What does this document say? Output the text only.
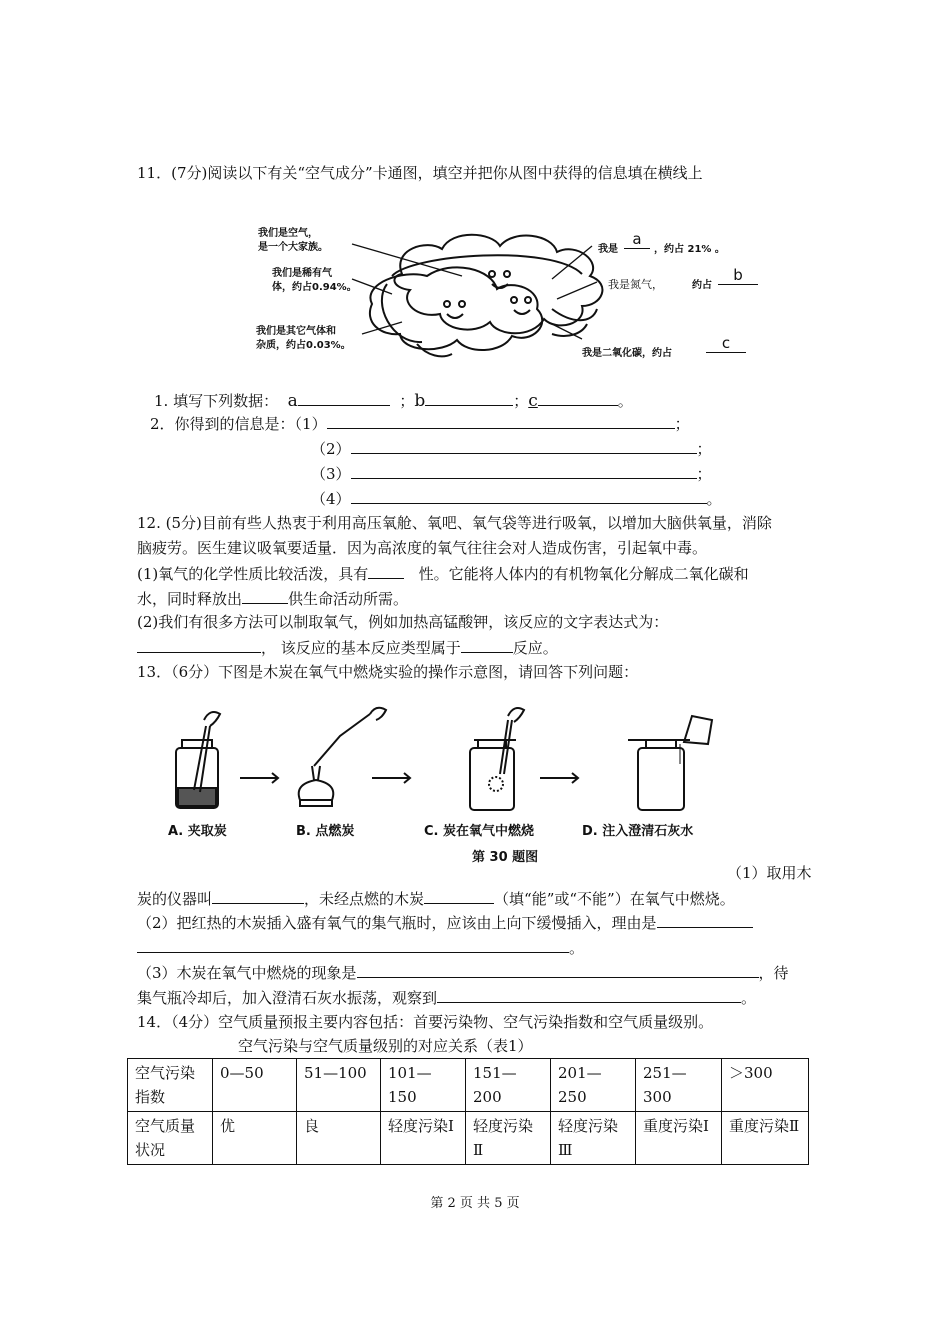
11．(7分)阅读以下有关“空气成分”卡通图，填空并把你从图中获得的信息填在横线上
我们是空气，
是一个大家族。
我们是稀有气
体，约占0.94%。
我们是其它气体和
杂质，约占0.03%。
我是
a
，约占 21% 。
我是氮气，	约占
b
我是二氧化碳，约占
c
1. 填写下列数据： a	；b	；c	。
2．你得到的信息是：（1）	；
（2）	；
（3）	；
（4）	。
12. (5分)目前有些人热衷于利用高压氧舱、氧吧、氧气袋等进行吸氧，以增加大脑供氧量，消除
脑疲劳。医生建议吸氧要适量．因为高浓度的氧气往往会对人造成伤害，引起氧中毒。
(1)氧气的化学性质比较活泼，具有	性。它能将人体内的有机物氧化分解成二氧化碳和
水，同时释放出	供生命活动所需。
(2)我们有很多方法可以制取氧气，例如加热高锰酸钾，该反应的文字表达式为：
， 该反应的基本反应类型属于	反应。
13．（6分）下图是木炭在氧气中燃烧实验的操作示意图，请回答下列问题：
A. 夹取炭	B. 点燃炭	C. 炭在氧气中燃烧	D. 注入澄清石灰水
第 30 题图
（1）取用木
炭的仪器叫	，未经点燃的木炭	（填“能”或“不能”）在氧气中燃烧。
（2）把红热的木炭插入盛有氧气的集气瓶时，应该由上向下缓慢插入，理由是
。
（3）木炭在氧气中燃烧的现象是	，待
集气瓶冷却后，加入澄清石灰水振荡，观察到	。
14．（4分）空气质量预报主要内容包括：首要污染物、空气污染指数和空气质量级别。
空气污染与空气质量级别的对应关系（表1）
空气污染指数	0—50	51—100	101—150	151—200	201—250	251—300	＞300
空气质量状况	优	良	轻度污染Ⅰ	轻度污染Ⅱ	轻度污染Ⅲ	重度污染Ⅰ	重度污染Ⅱ
第 2 页 共 5 页
